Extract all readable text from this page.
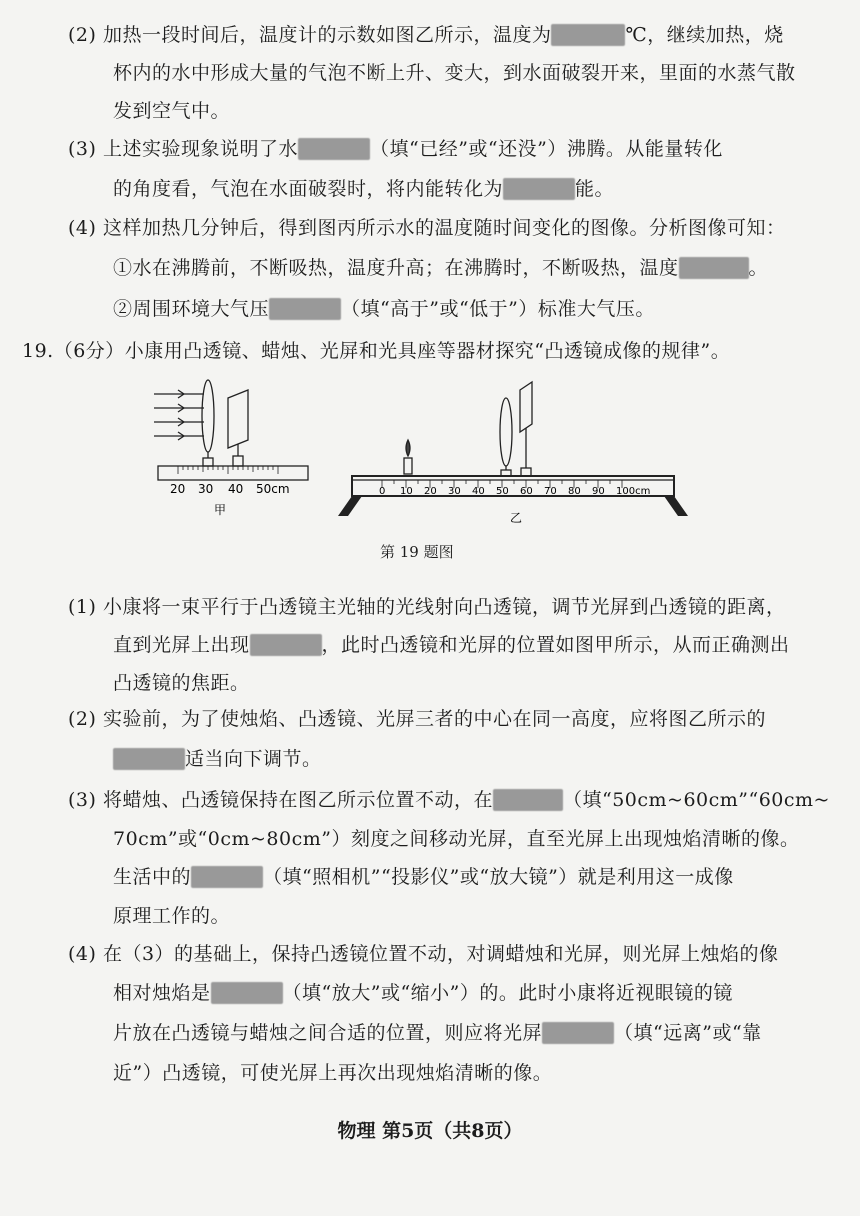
(2) 加热一段时间后，温度计的示数如图乙所示，温度为	℃，继续加热，烧
杯内的水中形成大量的气泡不断上升、变大，到水面破裂开来，里面的水蒸气散
发到空气中。
(3) 上述实验现象说明了水	（填“已经”或“还没”）沸腾。从能量转化
的角度看，气泡在水面破裂时，将内能转化为	能。
(4) 这样加热几分钟后，得到图丙所示水的温度随时间变化的图像。分析图像可知：
①水在沸腾前，不断吸热，温度升高；在沸腾时，不断吸热，温度	。
②周围环境大气压	（填“高于”或“低于”）标准大气压。
19.（6分）小康用凸透镜、蜡烛、光屏和光具座等器材探究“凸透镜成像的规律”。
20 30 40 50cm
甲
0 10 20 30 40 50 60 70 80 90 100cm
乙
第 19 题图
(1) 小康将一束平行于凸透镜主光轴的光线射向凸透镜，调节光屏到凸透镜的距离，
直到光屏上出现	，此时凸透镜和光屏的位置如图甲所示，从而正确测出
凸透镜的焦距。
(2) 实验前，为了使烛焰、凸透镜、光屏三者的中心在同一高度，应将图乙所示的
适当向下调节。
(3) 将蜡烛、凸透镜保持在图乙所示位置不动，在	（填“50cm~60cm”“60cm~
70cm”或“0cm~80cm”）刻度之间移动光屏，直至光屏上出现烛焰清晰的像。
生活中的	（填“照相机”“投影仪”或“放大镜”）就是利用这一成像
原理工作的。
(4) 在（3）的基础上，保持凸透镜位置不动，对调蜡烛和光屏，则光屏上烛焰的像
相对烛焰是	（填“放大”或“缩小”）的。此时小康将近视眼镜的镜
片放在凸透镜与蜡烛之间合适的位置，则应将光屏	（填“远离”或“靠
近”）凸透镜，可使光屏上再次出现烛焰清晰的像。
物理 第5页（共8页）
